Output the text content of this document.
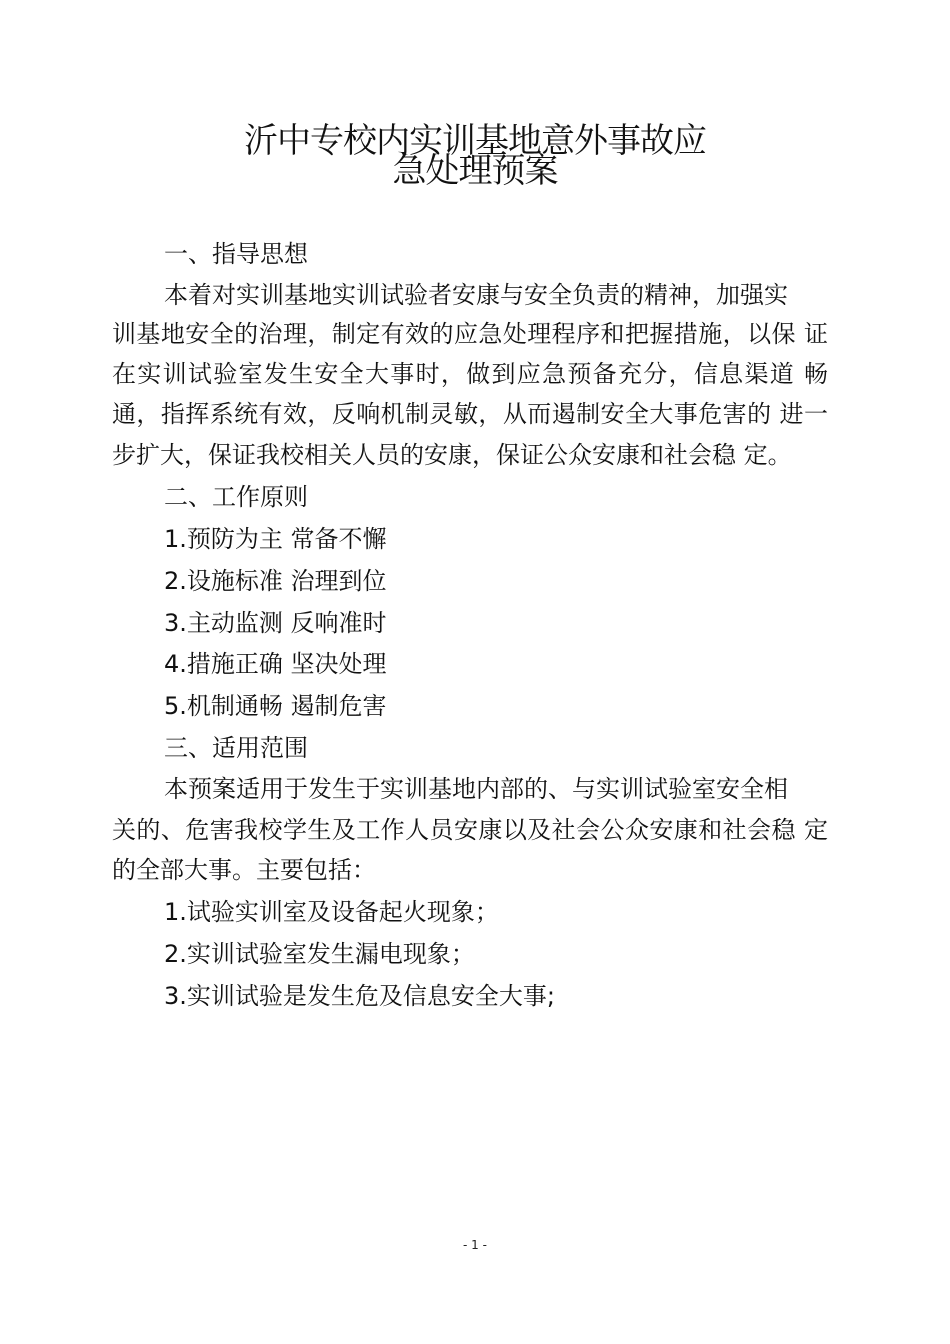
沂中专校内实训基地意外事故应
急处理预案
一、指导思想
本着对实训基地实训试验者安康与安全负责的精神，加强实
训基地安全的治理，制定有效的应急处理程序和把握措施，以保 证
在实训试验室发生安全大事时，做到应急预备充分，信息渠道 畅
通，指挥系统有效，反响机制灵敏，从而遏制安全大事危害的 进一
步扩大，保证我校相关人员的安康，保证公众安康和社会稳 定。
二、工作原则
1.预防为主 常备不懈
2.设施标准 治理到位
3.主动监测 反响准时
4.措施正确 坚决处理
5.机制通畅 遏制危害
三、适用范围
本预案适用于发生于实训基地内部的、与实训试验室安全相
关的、危害我校学生及工作人员安康以及社会公众安康和社会稳 定
的全部大事。主要包括：
1.试验实训室及设备起火现象；
2.实训试验室发生漏电现象；
3.实训试验是发生危及信息安全大事;
- 1 -
